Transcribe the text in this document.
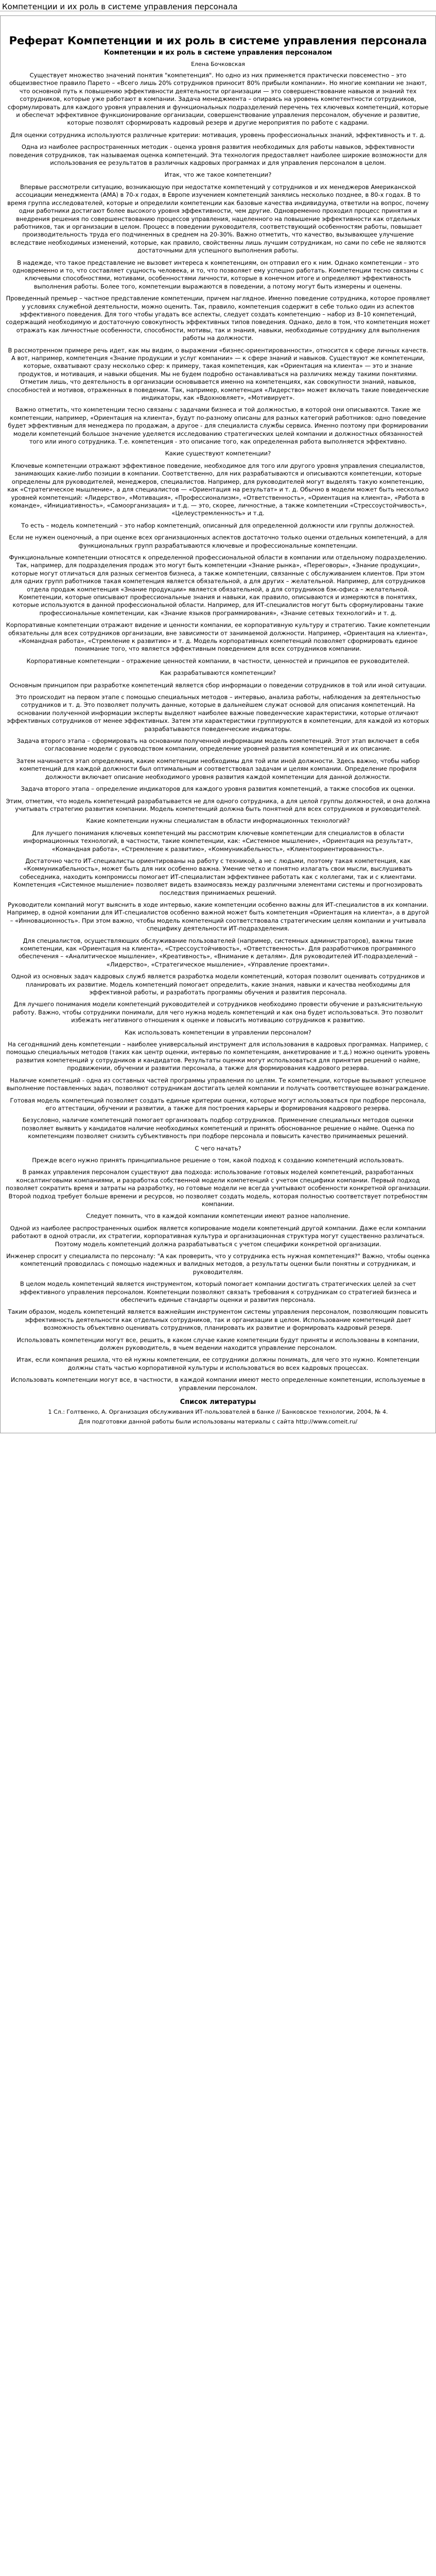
Компетенции и их роль в системе управления персонала
Реферат Компетенции и их роль в системе управления персонала
Компетенции и их роль в системе управления персоналом
Елена Бочковская

Существует множество значений понятия "компетенция". Но одно из них применяется практически повсеместно – это общеизвестное правило Парето – «Всего лишь 20% сотрудников приносит 80% прибыли компании». Но многие компании не знают, что основной путь к повышению эффективности деятельности организации — это совершенствование навыков и знаний тех сотрудников, которые уже работают в компании. Задача менеджмента – опираясь на уровень компетентности сотрудников, сформулировать для каждого уровня управления и функциональных подразделений перечень тех ключевых компетенций, которые и обеспечат эффективное функционирование организации, совершенствование управления персоналом, обучение и развитие, которые позволят сформировать кадровый резерв и другие мероприятия по работе с кадрами.

Для оценки сотрудника используются различные критерии: мотивация, уровень профессиональных знаний, эффективность и т. д.

Одна из наиболее распространенных методик - оценка уровня развития необходимых для работы навыков, эффективности поведения сотрудников, так называемая оценка компетенций. Эта технология предоставляет наиболее широкие возможности для использования ее результатов в различных кадровых программах и для управления персоналом в целом.

Итак, что же такое компетенции?

Впервые рассмотрели ситуацию, возникающую при недостатке компетенций у сотрудников и их менеджеров Американской ассоциации менеджмента (AMA) в 70-х годах, в Европе изучением компетенций занялись несколько позднее, в 80-х годах. В то время группа исследователей, которые и определили компетенции как базовые качества индивидуума, ответили на вопрос, почему одни работники достигают более высокого уровня эффективности, чем другие. Одновременно проходил процесс принятия и внедрения решения по совершенствованию процессов управления, нацеленного на повышение эффективности как отдельных работников, так и организации в целом. Процесс в поведении руководителя, соответствующий особенностям работы, повышает производительность труда его подчиненных в среднем на 20-30%. Важно отметить, что качество, вызывающее улучшение вследствие необходимых изменений, которые, как правило, свойственны лишь лучшим сотрудникам, но сами по себе не являются достаточными для успешного выполнения работы.

В надежде, что такое представление не вызовет интереса к компетенциям, он отправил его к ним. Однако компетенции – это одновременно и то, что составляет сущность человека, и то, что позволяет ему успешно работать. Компетенции тесно связаны с ключевыми способностями, мотивами, особенностями личности, которые в конечном итоге и определяют эффективность выполнения работы. Более того, компетенции выражаются в поведении, а потому могут быть измерены и оценены.

Проведенный премьер – частное представление компетенции, причем наглядное. Именно поведение сотрудника, которое проявляет у условиях служебной деятельности, можно оценить. Так, правило, компетенция содержит в себе только один из аспектов эффективного поведения. Для того чтобы угадать все аспекты, следует создать компетенцию – набор из 8–10 компетенций, содержащий необходимую и достаточную совокупность эффективных типов поведения. Однако, дело в том, что компетенция может отражать как личностные особенности, способности, мотивы, так и знания, навыки, необходимые сотруднику для выполнения работы на должности.

В рассмотренном примере речь идет, как мы видим, о выражении «бизнес-ориентированности», относится к сфере личных качеств. А вот, например, компетенция «Знание продукции и услуг компании» — к сфере знаний и навыков. Существуют же компетенции, которые, охватывают сразу несколько сфер: к примеру, такая компетенция, как «Ориентация на клиента» — это и знание продуктов, и мотивация, и навыки общения. Мы не будем подробно останавливаться на различиях между такими понятиями. Отметим лишь, что деятельность в организации основывается именно на компетенциях, как совокупности знаний, навыков, способностей и мотивов, отраженных в поведении. Так, например, компетенция «Лидерство» может включать такие поведенческие индикаторы, как «Вдохновляет», «Мотивирует».

Важно отметить, что компетенции тесно связаны с задачами бизнеса и той должностью, в которой они описываются. Такие же компетенции, например, «Ориентация на клиента», будут по-разному описаны для разных категорий работников: одно поведение будет эффективным для менеджера по продажам, а другое - для специалиста службы сервиса. Именно поэтому при формировании модели компетенций большое значение уделяется исследованию стратегических целей компании и должностных обязанностей того или иного сотрудника. Т.е. компетенция - это описание того, как определенная работа выполняется эффективно.

Какие существуют компетенции?

Ключевые компетенции отражают эффективное поведение, необходимое для того или другого уровня управления специалистов, занимающих какие-либо позиции в компании. Соответственно, для них разрабатываются и описываются компетенции, которые определены для руководителей, менеджеров, специалистов. Например, для руководителей могут выделять такую компетенцию, как «Стратегическое мышление», а для специалистов — «Ориентация на результат» и т. д. Обычно в модели может быть несколько уровней компетенций: «Лидерство», «Мотивация», «Профессионализм», «Ответственность», «Ориентация на клиента», «Работа в команде», «Инициативность», «Самоорганизация» и т.д. — это, скорее, личностные, а также компетенции «Стрессоустойчивость», «Целеустремленность» и т.д.

То есть – модель компетенций – это набор компетенций, описанный для определенной должности или группы должностей.

Если не нужен оценочный, а при оценке всех организационных аспектов достаточно только оценки отдельных компетенций, а для функциональных групп разрабатываются ключевые и профессиональные компетенции.

Функциональные компетенции относятся к определенной профессиональной области в компании или отдельному подразделению. Так, например, для подразделения продаж это могут быть компетенции «Знание рынка», «Переговоры», «Знание продукции», которые могут отличаться для разных сегментов бизнеса, а также компетенции, связанные с обслуживанием клиентов. При этом для одних групп работников такая компетенция является обязательной, а для других – желательной. Например, для сотрудников отдела продаж компетенция «Знание продукции» является обязательной, а для сотрудников бэк-офиса – желательной. Компетенции, которые описывают профессиональные знания и навыки, как правило, описываются и измеряются в понятиях, которые используются в данной профессиональной области. Например, для ИТ-специалистов могут быть сформулированы такие профессиональные компетенции, как «Знание языков программирования», «Знание сетевых технологий» и т. д.

Корпоративные компетенции отражают видение и ценности компании, ее корпоративную культуру и стратегию. Такие компетенции обязательны для всех сотрудников организации, вне зависимости от занимаемой должности. Например, «Ориентация на клиента», «Командная работа», «Стремление к развитию» и т. д. Модель корпоративных компетенций позволяет сформировать единое понимание того, что является эффективным поведением для всех сотрудников компании.

Корпоративные компетенции – отражение ценностей компании, в частности, ценностей и принципов ее руководителей.

Как разрабатываются компетенции?

Основным принципом при разработке компетенций является сбор информации о поведении сотрудников в той или иной ситуации.

Это происходит на первом этапе с помощью специальных методов – интервью, анализа работы, наблюдения за деятельностью сотрудников и т. д. Это позволяет получить данные, которые в дальнейшем служат основой для описания компетенций. На основании полученной информации эксперты выделяют наиболее важные поведенческие характеристики, которые отличают эффективных сотрудников от менее эффективных. Затем эти характеристики группируются в компетенции, для каждой из которых разрабатываются поведенческие индикаторы.

Задача второго этапа – сформировать на основании полученной информации модель компетенций. Этот этап включает в себя согласование модели с руководством компании, определение уровней развития компетенций и их описание.

Затем начинается этап определения, какие компетенции необходимы для той или иной должности. Здесь важно, чтобы набор компетенций для каждой должности был оптимальным и соответствовал задачам и целям компании. Определение профиля должности включает описание необходимого уровня развития каждой компетенции для данной должности.

Задача второго этапа – определение индикаторов для каждого уровня развития компетенций, а также способов их оценки.

Этим, отметим, что модель компетенций разрабатывается не для одного сотрудника, а для целой группы должностей, и она должна учитывать стратегию развития компании. Модель компетенций должна быть понятной для всех сотрудников и руководителей.

Какие компетенции нужны специалистам в области информационных технологий?

Для лучшего понимания ключевых компетенций мы рассмотрим ключевые компетенции для специалистов в области информационных технологий, в частности, такие компетенции, как: «Системное мышление», «Ориентация на результат», «Командная работа», «Стремление к развитию», «Коммуникабельность», «Клиентоориентированность».

Достаточно часто ИТ-специалисты ориентированы на работу с техникой, а не с людьми, поэтому такая компетенция, как «Коммуникабельность», может быть для них особенно важна. Умение четко и понятно излагать свои мысли, выслушивать собеседника, находить компромиссы помогает ИТ-специалистам эффективнее работать как с коллегами, так и с клиентами. Компетенция «Системное мышление» позволяет видеть взаимосвязь между различными элементами системы и прогнозировать последствия принимаемых решений.

Руководители компаний могут выяснить в ходе интервью, какие компетенции особенно важны для ИТ-специалистов в их компании. Например, в одной компании для ИТ-специалистов особенно важной может быть компетенция «Ориентация на клиента», а в другой – «Инновационность». При этом важно, чтобы модель компетенций соответствовала стратегическим целям компании и учитывала специфику деятельности ИТ-подразделения.

Для специалистов, осуществляющих обслуживание пользователей (например, системных администраторов), важны такие компетенции, как «Ориентация на клиента», «Стрессоустойчивость», «Ответственность». Для разработчиков программного обеспечения – «Аналитическое мышление», «Креативность», «Внимание к деталям». Для руководителей ИТ-подразделений – «Лидерство», «Стратегическое мышление», «Управление проектами».

Одной из основных задач кадровых служб является разработка модели компетенций, которая позволит оценивать сотрудников и планировать их развитие. Модель компетенций помогает определить, какие знания, навыки и качества необходимы для эффективной работы, и разработать программы обучения и развития персонала.

Для лучшего понимания модели компетенций руководителей и сотрудников необходимо провести обучение и разъяснительную работу. Важно, чтобы сотрудники понимали, для чего нужна модель компетенций и как она будет использоваться. Это позволит избежать негативного отношения к оценке и повысить мотивацию сотрудников к развитию.

Как использовать компетенции в управлении персоналом?

На сегодняшний день компетенции – наиболее универсальный инструмент для использования в кадровых программах. Например, с помощью специальных методов (таких как центр оценки, интервью по компетенциям, анкетирование и т.д.) можно оценить уровень развития компетенций у сотрудников и кандидатов. Результаты оценки могут использоваться для принятия решений о найме, продвижении, обучении и развитии персонала, а также для формирования кадрового резерва.

Наличие компетенций - одна из составных частей программы управления по целям. Те компетенции, которые вызывают успешное выполнение поставленных задач, позволяют сотрудникам достигать целей компании и получать соответствующее вознаграждение.

Готовая модель компетенций позволяет создать единые критерии оценки, которые могут использоваться при подборе персонала, его аттестации, обучении и развитии, а также для построения карьеры и формирования кадрового резерва.

Безусловно, наличие компетенций помогает организовать подбор сотрудников. Применение специальных методов оценки позволяет выявить у кандидатов наличие необходимых компетенций и принять обоснованное решение о найме. Оценка по компетенциям позволяет снизить субъективность при подборе персонала и повысить качество принимаемых решений.

С чего начать?

Прежде всего нужно принять принципиальное решение о том, какой подход к созданию компетенций использовать.

В рамках управления персоналом существуют два подхода: использование готовых моделей компетенций, разработанных консалтинговыми компаниями, и разработка собственной модели компетенций с учетом специфики компании. Первый подход позволяет сократить время и затраты на разработку, но готовые модели не всегда учитывают особенности конкретной организации. Второй подход требует больше времени и ресурсов, но позволяет создать модель, которая полностью соответствует потребностям компании.

Следует помнить, что в каждой компании компетенции имеют разное наполнение.

Одной из наиболее распространенных ошибок является копирование модели компетенций другой компании. Даже если компании работают в одной отрасли, их стратегии, корпоративная культура и организационная структура могут существенно различаться. Поэтому модель компетенций должна разрабатываться с учетом специфики конкретной организации.

Инженер спросит у специалиста по персоналу: "А как проверить, что у сотрудника есть нужная компетенция?" Важно, чтобы оценка компетенций проводилась с помощью надежных и валидных методов, а результаты оценки были понятны и сотрудникам, и руководителям.

В целом модель компетенций является инструментом, который помогает компании достигать стратегических целей за счет эффективного управления персоналом. Компетенции позволяют связать требования к сотрудникам со стратегией бизнеса и обеспечить единые стандарты оценки и развития персонала.

Таким образом, модель компетенций является важнейшим инструментом системы управления персоналом, позволяющим повысить эффективность деятельности как отдельных сотрудников, так и организации в целом. Использование компетенций дает возможность объективно оценивать сотрудников, планировать их развитие и формировать кадровый резерв.

Использовать компетенции могут все, решить, в каком случае какие компетенции будут приняты и использованы в компании, должен руководитель, в чьем ведении находится управление персоналом.

Итак, если компания решила, что ей нужны компетенции, ее сотрудники должны понимать, для чего это нужно. Компетенции должны стать частью корпоративной культуры и использоваться во всех кадровых процессах.

Использовать компетенции могут все, в частности, в каждой компании имеют место определенные компетенции, используемые в управлении персоналом.

Список литературы

1 Сл.: Голтвенко, А. Организация обслуживания ИТ-пользователей в банке // Банковское технологии, 2004, № 4.

Для подготовки данной работы были использованы материалы с сайта http://www.comeit.ru/
